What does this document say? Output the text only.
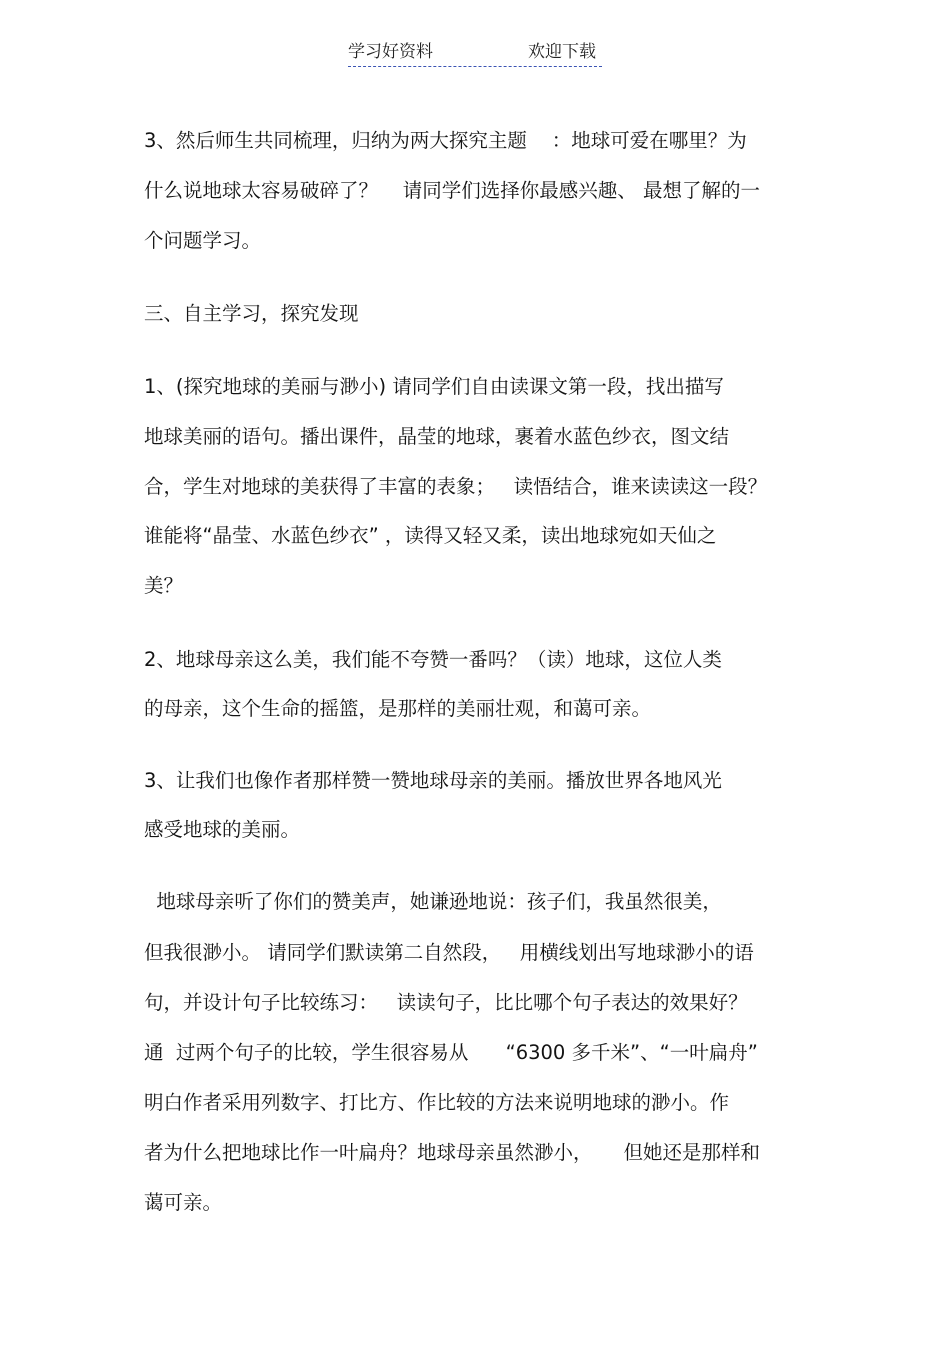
学习好资料	欢迎下载
3、然后师生共同梳理，归纳为两大探究主题    ：地球可爱在哪里？为
什么说地球太容易破碎了？    请同学们选择你最感兴趣、 最想了解的一
个问题学习。
三、自主学习，探究发现
1、(探究地球的美丽与渺小) 请同学们自由读课文第一段，找出描写
地球美丽的语句。播出课件，晶莹的地球，裹着水蓝色纱衣，图文结
合，学生对地球的美获得了丰富的表象；   读悟结合，谁来读读这一段？
谁能将“晶莹、水蓝色纱衣” ，读得又轻又柔，读出地球宛如天仙之
美？
2、地球母亲这么美，我们能不夸赞一番吗？（读）地球，这位人类
的母亲，这个生命的摇篮，是那样的美丽壮观，和蔼可亲。
3、让我们也像作者那样赞一赞地球母亲的美丽。播放世界各地风光
感受地球的美丽。
地球母亲听了你们的赞美声，她谦逊地说：孩子们，我虽然很美，
但我很渺小。 请同学们默读第二自然段，   用横线划出写地球渺小的语
句，并设计句子比较练习：   读读句子，比比哪个句子表达的效果好？
通  过两个句子的比较，学生很容易从      “6300 多千米”、“一叶扁舟”
明白作者采用列数字、打比方、作比较的方法来说明地球的渺小。作
者为什么把地球比作一叶扁舟？地球母亲虽然渺小，     但她还是那样和
蔼可亲。
